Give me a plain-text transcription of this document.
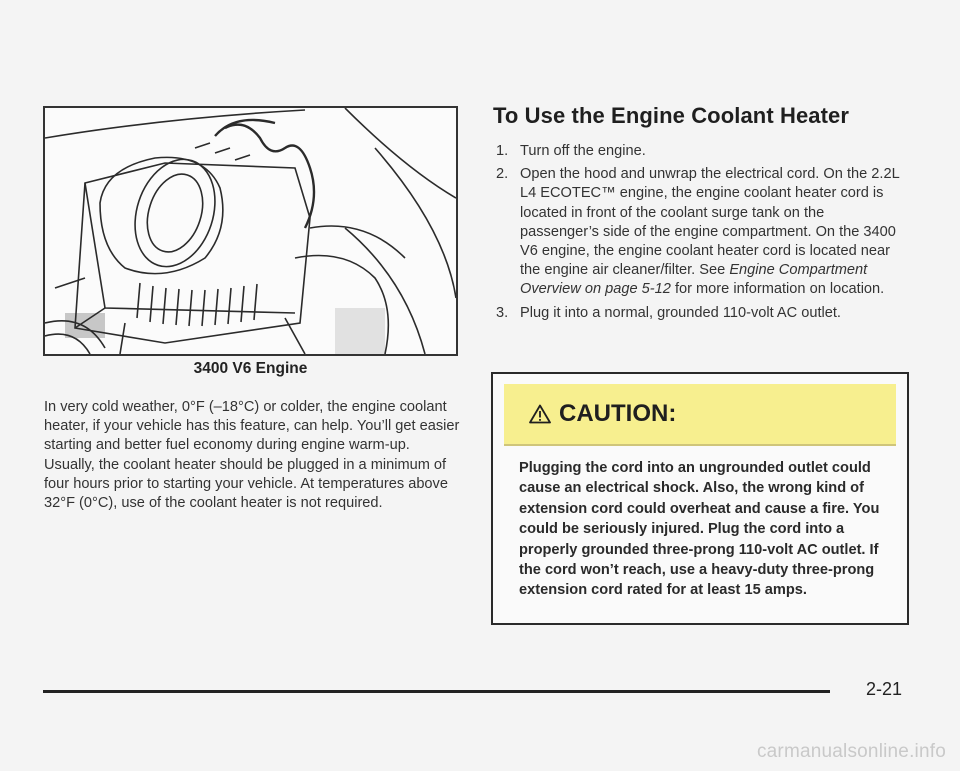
3400 V6 Engine
In very cold weather, 0°F (–18°C) or colder, the engine coolant heater, if your vehicle has this feature, can help. You’ll get easier starting and better fuel economy during engine warm-up. Usually, the coolant heater should be plugged in a minimum of four hours prior to starting your vehicle. At temperatures above 32°F (0°C), use of the coolant heater is not required.
To Use the Engine Coolant Heater
1. Turn off the engine.
2. Open the hood and unwrap the electrical cord. On the 2.2L L4 ECOTEC™ engine, the engine coolant heater cord is located in front of the coolant surge tank on the passenger’s side of the engine compartment. On the 3400 V6 engine, the engine coolant heater cord is located near the engine air cleaner/filter. See Engine Compartment Overview on page 5-12 for more information on location.
3. Plug it into a normal, grounded 110-volt AC outlet.
CAUTION:
Plugging the cord into an ungrounded outlet could cause an electrical shock. Also, the wrong kind of extension cord could overheat and cause a fire. You could be seriously injured. Plug the cord into a properly grounded three-prong 110-volt AC outlet. If the cord won’t reach, use a heavy-duty three-prong extension cord rated for at least 15 amps.
2-21
carmanualsonline.info
